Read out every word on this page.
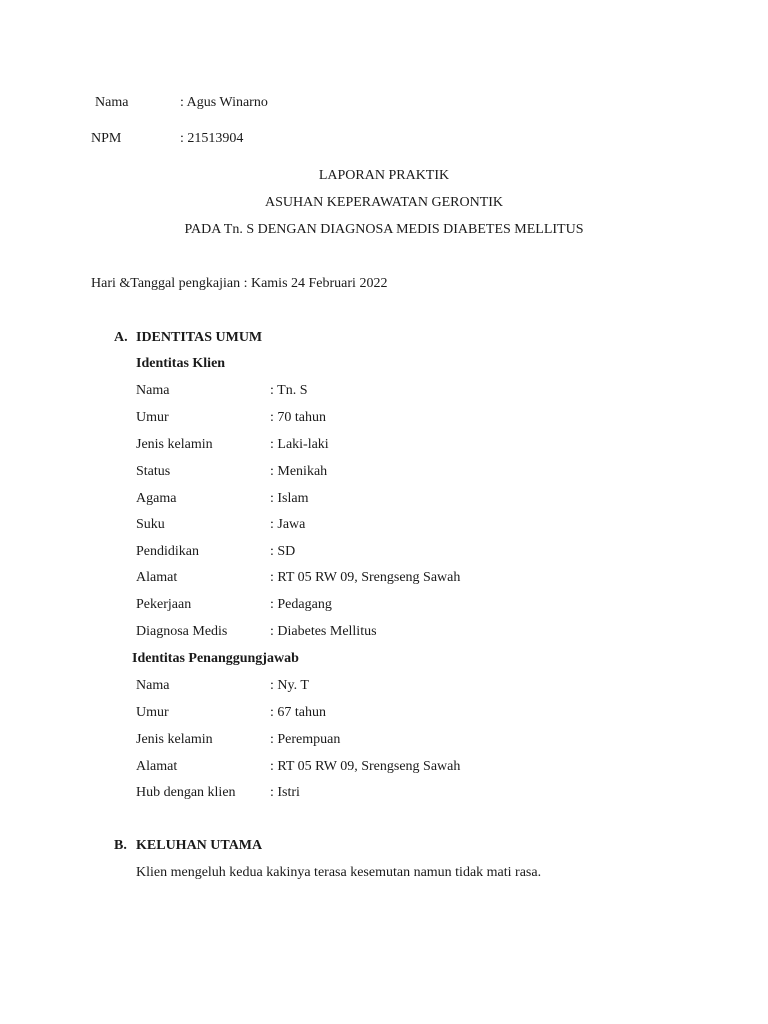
Nama	: Agus Winarno
NPM	: 21513904
LAPORAN PRAKTIK
ASUHAN KEPERAWATAN GERONTIK
PADA Tn. S DENGAN DIAGNOSA MEDIS DIABETES MELLITUS
Hari &Tanggal pengkajian : Kamis 24 Februari 2022
A. IDENTITAS UMUM
Identitas Klien
Nama	: Tn. S
Umur	: 70 tahun
Jenis kelamin	: Laki-laki
Status	: Menikah
Agama	: Islam
Suku	: Jawa
Pendidikan	: SD
Alamat	: RT 05 RW 09, Srengseng Sawah
Pekerjaan	: Pedagang
Diagnosa Medis	: Diabetes Mellitus
Identitas Penanggungjawab
Nama	: Ny. T
Umur	: 67 tahun
Jenis kelamin	: Perempuan
Alamat	: RT 05 RW 09, Srengseng Sawah
Hub dengan klien : Istri
B. KELUHAN UTAMA
Klien mengeluh kedua kakinya terasa kesemutan namun tidak mati rasa.
